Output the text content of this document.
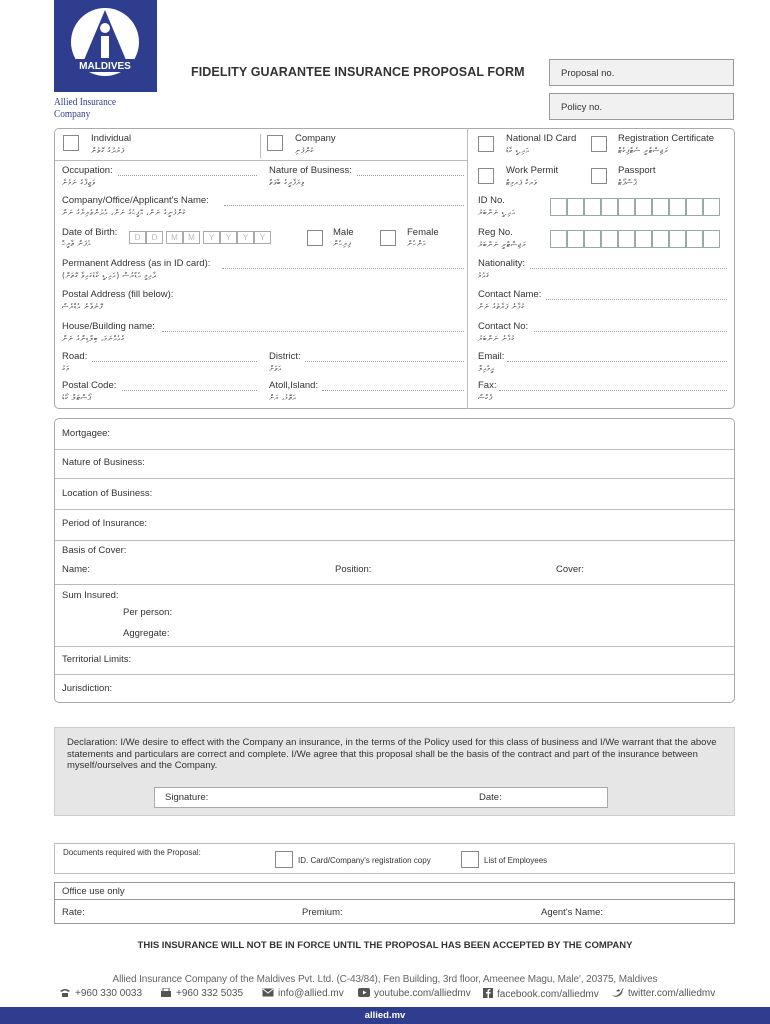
MALDIVES
Allied Insurance Company
FIDELITY GUARANTEE INSURANCE PROPOSAL FORM	Proposal no.
Policy no.
Individual
ފަރުދުގެ ގޮތުން
Company
ކުންފުނި
Occupation:
ވަޒީފާގެ ނަމުނާ
Nature of Business:
ވިޔަފާރީގެ ބާވަތް
Company/Office/Applicant's Name:
ކުންފުނީގެ ނަން، އޮފީހުގެ ނަން، އެދުންތެރިޔާގެ ނަން
Date of Birth:
އުފަން ތާރީޚް
D	D	M	M	Y	Y	Y	Y	Male
ފިރިހެން
Female
އަންހެން
Permanent Address (as in ID card):
ދާއިމީ އެޑްރެސް (އައި.ޑީ ކާޑުގައިވާ ގޮތަށް)
Postal Address (fill below):
ފޮނުވާނެ އެޑްރެސް
House/Building name:
ގެއެއްނަމަ، ބިލްޑިންގެ ނަން
Road:
މަގު
District:
އަވަށް
Postal Code:
ޕޯސްޓަލް ކޯޑު
Atoll,Island:
އަތޮޅު، ރަށް
National ID Card
އައި.ޑީ ކާޑު
Registration Certificate
ރަޖިސްޓްރީ ސެޓްފިކެޓް
Work Permit
ވަރކް ޕަރމިޓް
Passport
ޕާސްޕޯޓް
ID No.
އައި.ޑީ ނަންބަރު
Reg No.
ރަޖިސްޓްރީ ނަންބަރު
Nationality:
ޤައުމު
Contact Name:
ގުޅާނެ ފަރާތުގެ ނަން
Contact No:
ގުޅާނެ ނަންބަރު
Email:
އީމެއިލް
Fax:
ފެކްސް
Mortgagee:
Nature of Business:
Location of Business:
Period of Insurance:
Basis of Cover:
Name:	Position:	Cover:
Sum Insured:
Per person:
Aggregate:
Territorial Limits:
Jurisdiction:
Declaration: I/We desire to effect with the Company an insurance, in the terms of the Policy used for this class of business and I/We warrant that the above statements and particulars are correct and complete. I/We agree that this proposal shall be the basis of the contract and part of the insurance between myself/ourselves and the Company.
Signature:	Date:
Documents required with the Proposal:
ID. Card/Company's registration copy	List of Employees
Office use only
Rate:	Premium:	Agent's Name:
THIS INSURANCE WILL NOT BE IN FORCE UNTIL THE PROPOSAL HAS BEEN ACCEPTED BY THE COMPANY
Allied Insurance Company of the Maldives Pvt. Ltd. (C-43/84), Fen Building, 3rd floor, Ameenee Magu, Male', 20375, Maldives
+960 330 0033	+960 332 5035	info@allied.mv	youtube.com/alliedmv	facebook.com/alliedmv	twitter.com/alliedmv
allied.mv
